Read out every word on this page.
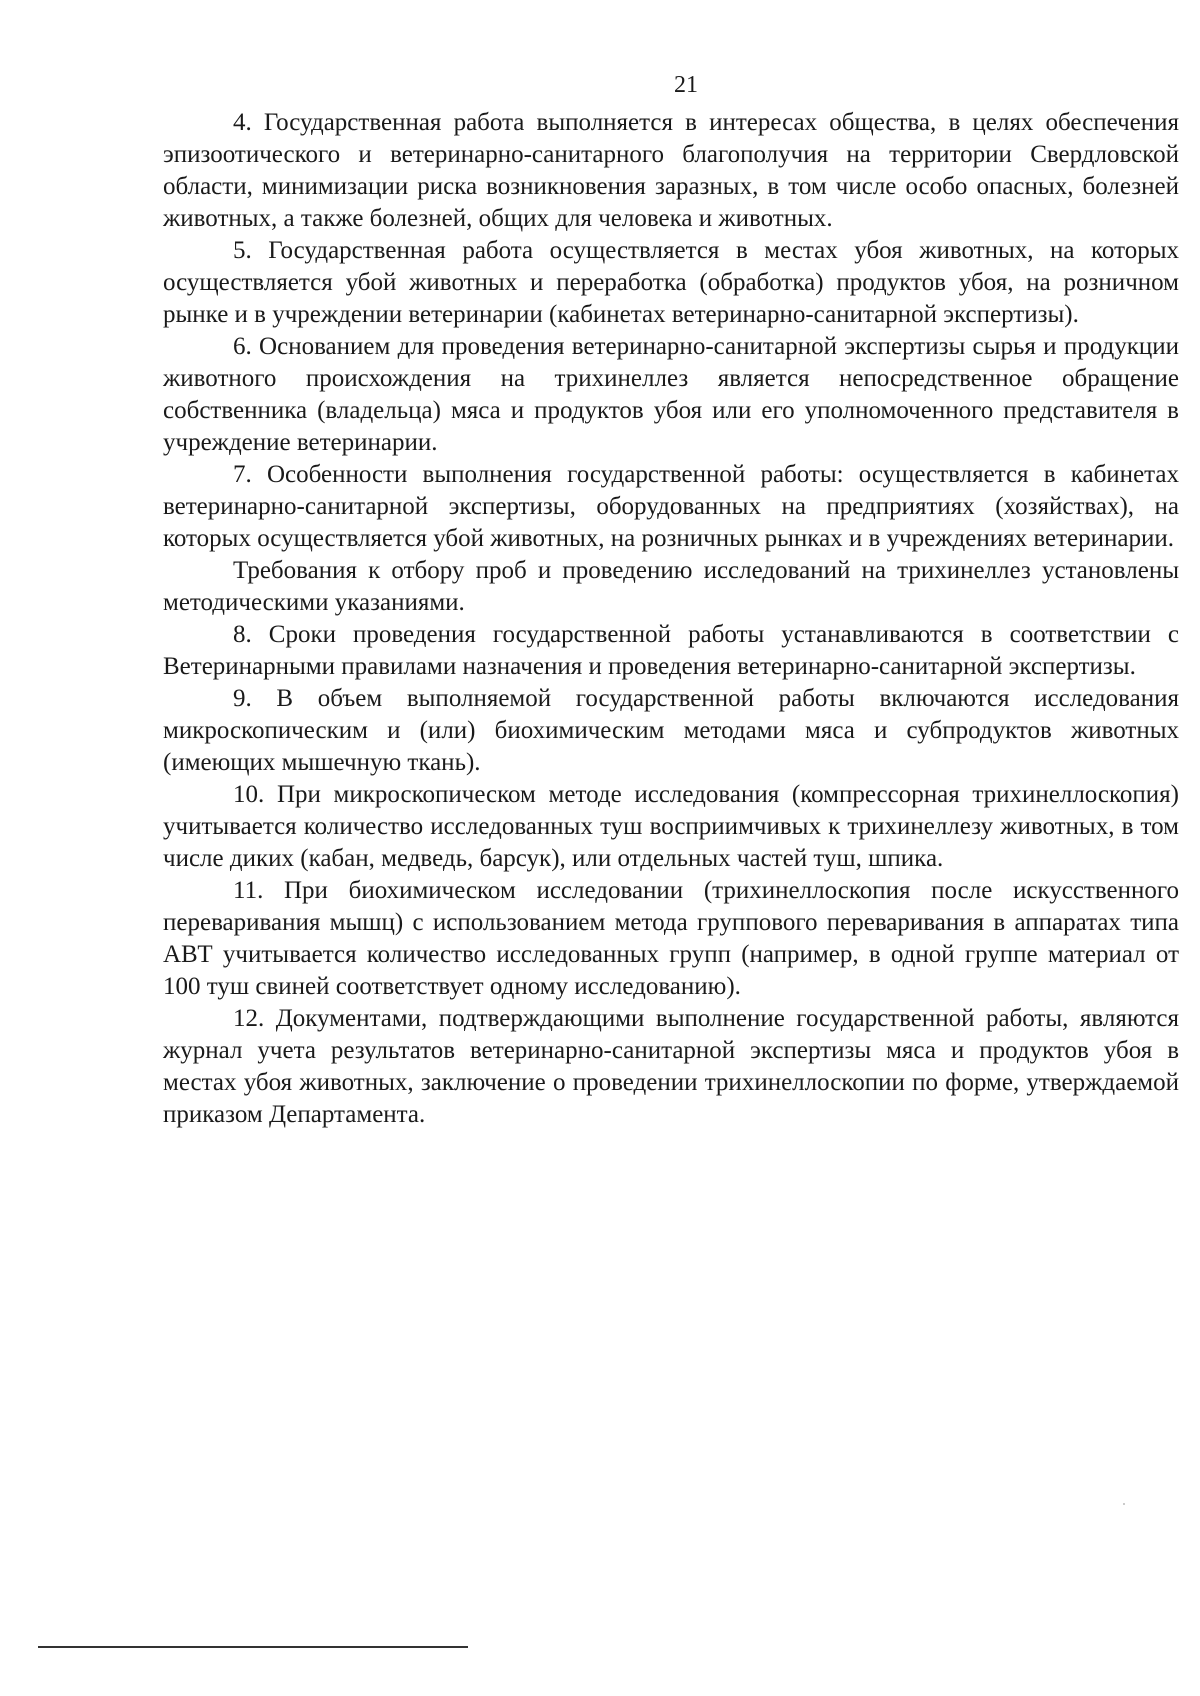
21

4. Государственная работа выполняется в интересах общества, в целях обеспечения эпизоотического и ветеринарно-санитарного благополучия на территории Свердловской области, минимизации риска возникновения заразных, в том числе особо опасных, болезней животных, а также болезней, общих для человека и животных.

5. Государственная работа осуществляется в местах убоя животных, на которых осуществляется убой животных и переработка (обработка) продуктов убоя, на розничном рынке и в учреждении ветеринарии (кабинетах ветеринарно-санитарной экспертизы).

6. Основанием для проведения ветеринарно-санитарной экспертизы сырья и продукции животного происхождения на трихинеллез является непосредственное обращение собственника (владельца) мяса и продуктов убоя или его уполномоченного представителя в учреждение ветеринарии.

7. Особенности выполнения государственной работы: осуществляется в кабинетах ветеринарно-санитарной экспертизы, оборудованных на предприятиях (хозяйствах), на которых осуществляется убой животных, на розничных рынках и в учреждениях ветеринарии.

Требования к отбору проб и проведению исследований на трихинеллез установлены методическими указаниями.

8. Сроки проведения государственной работы устанавливаются в соответствии с Ветеринарными правилами назначения и проведения ветеринарно-санитарной экспертизы.

9. В объем выполняемой государственной работы включаются исследования микроскопическим и (или) биохимическим методами мяса и субпродуктов животных (имеющих мышечную ткань).

10. При микроскопическом методе исследования (компрессорная трихинеллоскопия) учитывается количество исследованных туш восприимчивых к трихинеллезу животных, в том числе диких (кабан, медведь, барсук), или отдельных частей туш, шпика.

11. При биохимическом исследовании (трихинеллоскопия после искусственного переваривания мышц) с использованием метода группового переваривания в аппаратах типа АВТ учитывается количество исследованных групп (например, в одной группе материал от 100 туш свиней соответствует одному исследованию).

12. Документами, подтверждающими выполнение государственной работы, являются журнал учета результатов ветеринарно-санитарной экспертизы мяса и продуктов убоя в местах убоя животных, заключение о проведении трихинеллоскопии по форме, утверждаемой приказом Департамента.
